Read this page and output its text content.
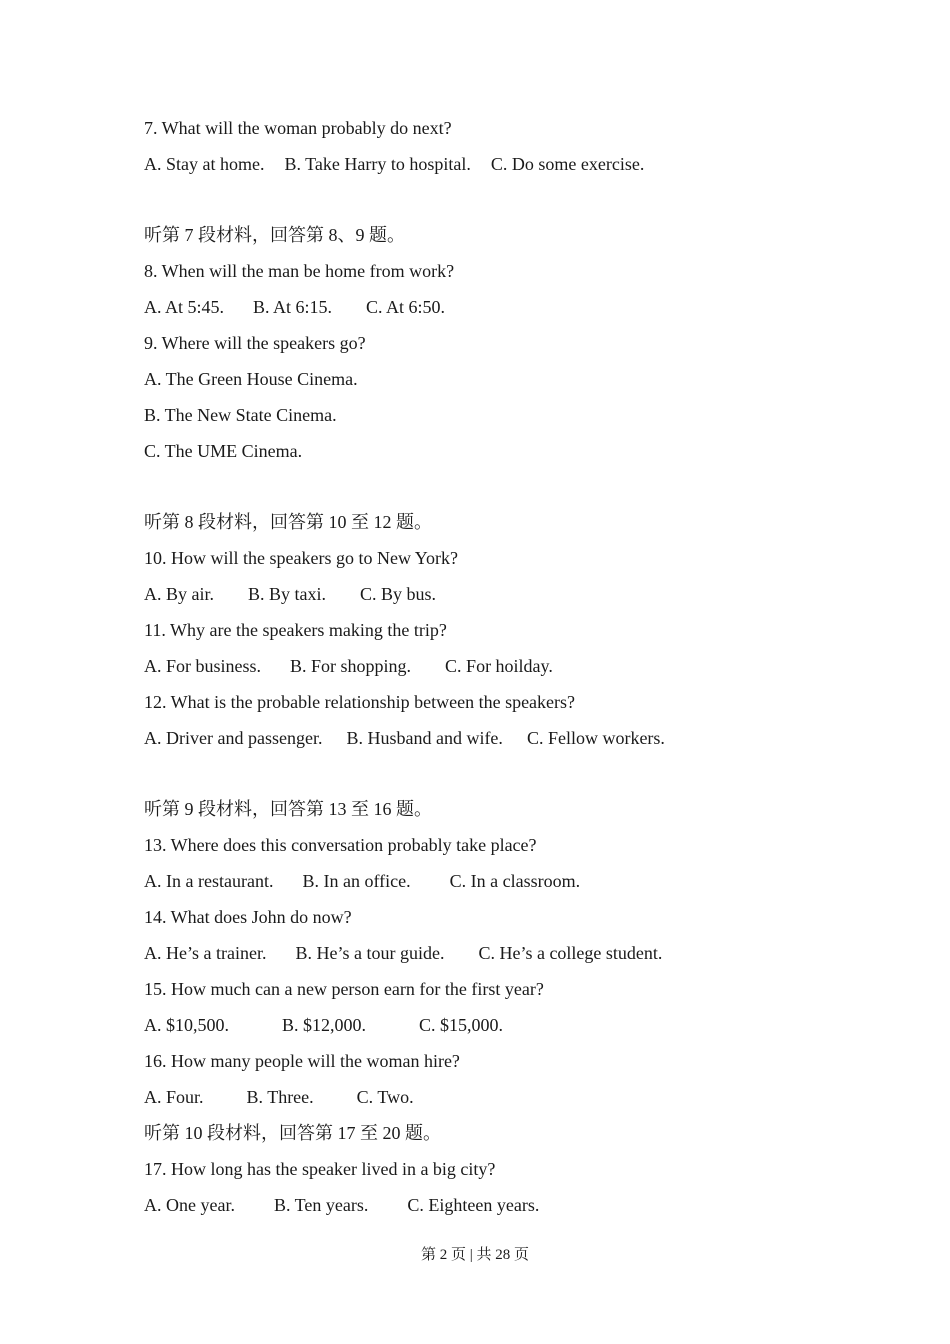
7. What will the woman probably do next?
A. Stay at home. B. Take Harry to hospital. C. Do some exercise.
听第 7 段材料，回答第 8、9 题。
8. When will the man be home from work?
A. At 5:45. B. At 6:15. C. At 6:50.
9. Where will the speakers go?
A. The Green House Cinema.
B. The New State Cinema.
C. The UME Cinema.
听第 8 段材料，回答第 10 至 12 题。
10. How will the speakers go to New York?
A. By air. B. By taxi. C. By bus.
11. Why are the speakers making the trip?
A. For business. B. For shopping. C. For hoilday.
12. What is the probable relationship between the speakers?
A. Driver and passenger. B. Husband and wife. C. Fellow workers.
听第 9 段材料，回答第 13 至 16 题。
13. Where does this conversation probably take place?
A. In a restaurant. B. In an office. C. In a classroom.
14. What does John do now?
A. He’s a trainer. B. He’s a tour guide. C. He’s a college student.
15. How much can a new person earn for the first year?
A. $10,500.	B. $12,000.	C. $15,000.
16. How many people will the woman hire?
A. Four. B. Three. C. Two.
听第 10 段材料，回答第 17 至 20 题。
17. How long has the speaker lived in a big city?
A. One year. B. Ten years. C. Eighteen years.
第 2 页 | 共 28 页
